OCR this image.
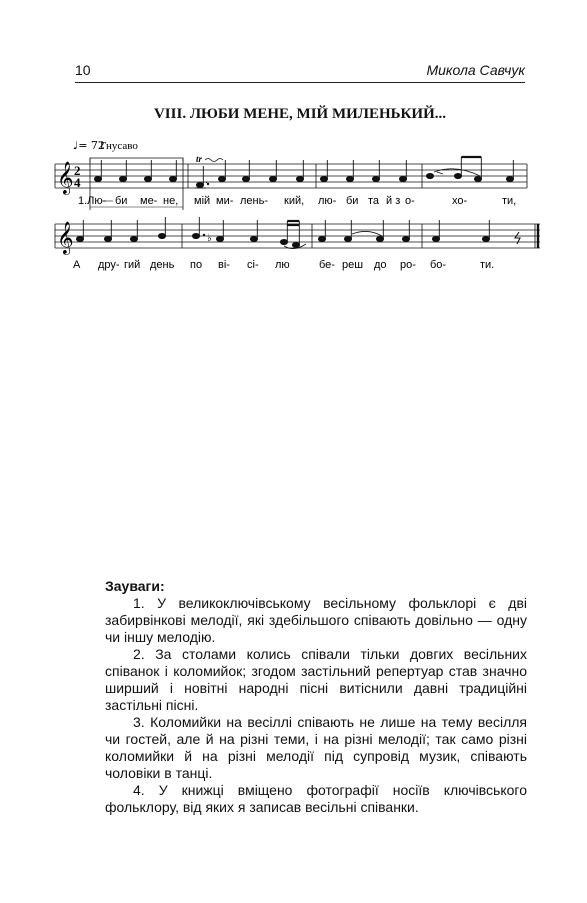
10	Микола Савчук
VIII. ЛЮБИ МЕНЕ, МІЙ МИЛЕНЬКИЙ...
♩= 72
Гнусаво
𝄞 2
4
tr
.
1.Лю- би ме- не, мій ми- лень- кий, лю- би та й з о-	хо-	ти,
𝄞	♭
А дру- гий день по ві- сі- лю	бе- реш до ро- бо-	ти.
Зауваги:

1. У великоключівському весільному фольклорі є дві забирвінкові мелодії, які здебільшого співають довільно — одну чи іншу мелодію.

2. За столами колись співали тільки довгих весільних співанок і коломийок; згодом застільний репертуар став значно ширший і новітні народні пісні витіснили давні традиційні застільні пісні.

3. Коломийки на весіллі співають не лише на тему весілля чи гостей, але й на різні теми, і на різні мелодії; так само різні коломийки й на різні мелодії під супровід музик, співають чоловіки в танці.

4. У книжці вміщено фотографії носіїв ключівського фольклору, від яких я записав весільні співанки.
